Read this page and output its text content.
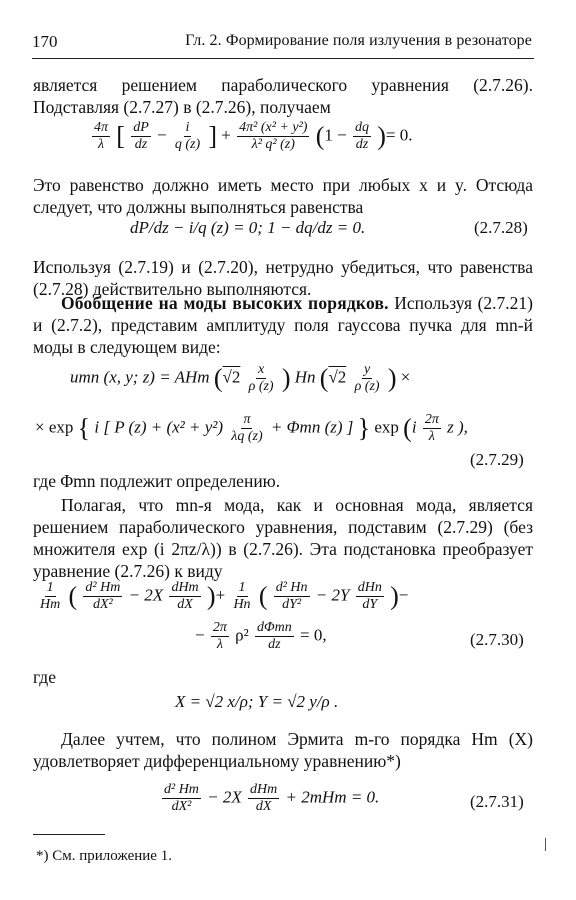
170	Гл. 2. Формирование поля излучения в резонаторе

является решением параболического уравнения (2.7.26). Подставляя (2.7.27) в (2.7.26), получаем

$\frac{4\pi}{\lambda}$ [ $\frac{dP}{dz} - \frac{i}{q (z)}$ ] + $\frac{\text{4π² (x² + y²)}}{\text{λ² q² (z)}} (1 - \frac{dq}{dz}$ )= 0.

Это равенство должно иметь место при любых x и y. Отсюда следует, что должны выполняться равенства

dP/dz − i/q (z) = 0; 1 − dq/dz = 0.	(2.7.28)

Используя (2.7.19) и (2.7.20), нетрудно убедиться, что равенства (2.7.28) действительно выполняются.

Обобщение на моды высоких порядков. Используя (2.7.21) и (2.7.2), представим амплитуду поля гауссова пучка для mn-й моды в следующем виде:

umn (x, y; z) = AHm ($√2 \frac{x}{\rho (z)}$ ) Hn ($√2 \frac{y}{\rho (z)}$ ) ×
× exp { i [ P $(z) + (x^2 + y^2) \frac{\pi}{\lambda q (z)} + \Phi mn$ (z) ] } $\exp (i \frac{2\pi}{\lambda}$ z ),
(2.7.29)

где Φmn подлежит определению.

Полагая, что mn-я мода, как и основная мода, является решением параболического уравнения, подставим (2.7.29) (без множителя exp (i 2πz/λ)) в (2.7.26). Эта подстановка преобразует уравнение (2.7.26) к виду

$\frac{1}{Hm}$ ( $\frac{\text{d² Hm}}{\text{dX²}} - 2X \frac{\text{dHm}}{dX}$ )+ $\frac{1}{Hn}$ ( $\frac{\text{d² Hn}}{\text{dY²}} - 2Y \frac{\text{dHn}}{dY}$ )−
− $\frac{2\pi}{\lambda} \rho^2 \frac{\text{dΦmn}}{dz} = 0$,	(2.7.30)

где

X = √2 x/ρ; Y = √2 y/ρ .

Далее учтем, что полином Эрмита m-го порядка Hm (X) удовлетворяет дифференциальному уравнению*)

$\frac{\text{d² Hm}}{\text{dX²}} - 2X \frac{\text{dHm}}{dX} + 2mHm = 0$.	(2.7.31)
*) См. приложение 1.
